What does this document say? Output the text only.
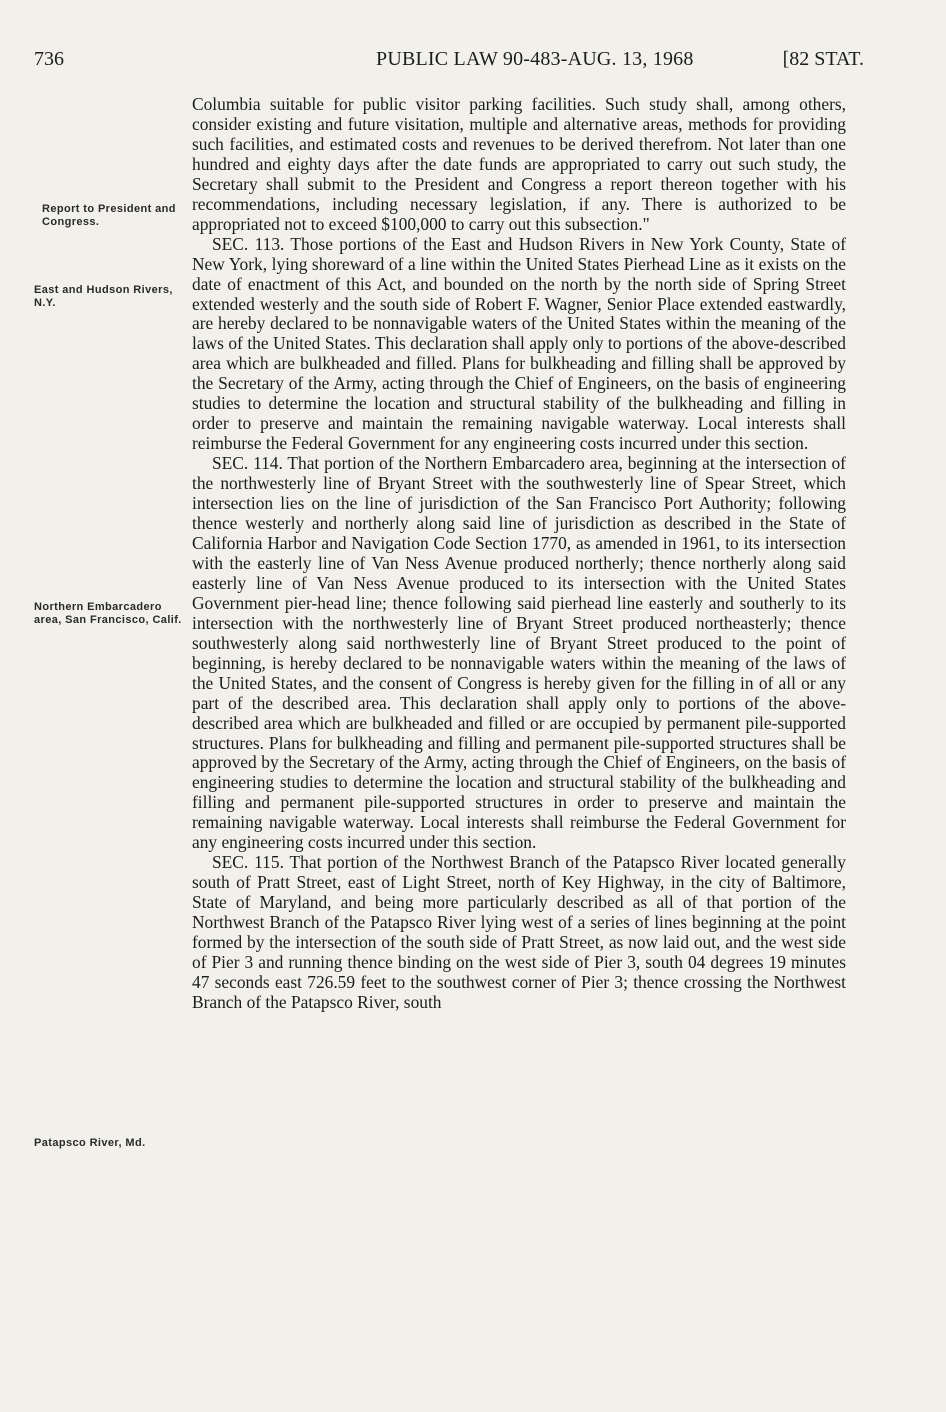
736	PUBLIC LAW 90-483-AUG. 13, 1968	[82 STAT.
Report to President and Congress.
East and Hudson Rivers, N.Y.
Northern Embarcadero area, San Francisco, Calif.
Patapsco River, Md.

Columbia suitable for public visitor parking facilities. Such study shall, among others, consider existing and future visitation, multiple and alternative areas, methods for providing such facilities, and estimated costs and revenues to be derived therefrom. Not later than one hundred and eighty days after the date funds are appropriated to carry out such study, the Secretary shall submit to the President and Congress a report thereon together with his recommendations, including necessary legislation, if any. There is authorized to be appropriated not to exceed $100,000 to carry out this subsection."

SEC. 113. Those portions of the East and Hudson Rivers in New York County, State of New York, lying shoreward of a line within the United States Pierhead Line as it exists on the date of enactment of this Act, and bounded on the north by the north side of Spring Street extended westerly and the south side of Robert F. Wagner, Senior Place extended eastwardly, are hereby declared to be nonnavigable waters of the United States within the meaning of the laws of the United States. This declaration shall apply only to portions of the above-described area which are bulkheaded and filled. Plans for bulkheading and filling shall be approved by the Secretary of the Army, acting through the Chief of Engineers, on the basis of engineering studies to determine the location and structural stability of the bulkheading and filling in order to preserve and maintain the remaining navigable waterway. Local interests shall reimburse the Federal Government for any engineering costs incurred under this section.

SEC. 114. That portion of the Northern Embarcadero area, beginning at the intersection of the northwesterly line of Bryant Street with the southwesterly line of Spear Street, which intersection lies on the line of jurisdiction of the San Francisco Port Authority; following thence westerly and northerly along said line of jurisdiction as described in the State of California Harbor and Navigation Code Section 1770, as amended in 1961, to its intersection with the easterly line of Van Ness Avenue produced northerly; thence northerly along said easterly line of Van Ness Avenue produced to its intersection with the United States Government pier-head line; thence following said pierhead line easterly and southerly to its intersection with the northwesterly line of Bryant Street produced northeasterly; thence southwesterly along said northwesterly line of Bryant Street produced to the point of beginning, is hereby declared to be nonnavigable waters within the meaning of the laws of the United States, and the consent of Congress is hereby given for the filling in of all or any part of the described area. This declaration shall apply only to portions of the above-described area which are bulkheaded and filled or are occupied by permanent pile-supported structures. Plans for bulkheading and filling and permanent pile-supported structures shall be approved by the Secretary of the Army, acting through the Chief of Engineers, on the basis of engineering studies to determine the location and structural stability of the bulkheading and filling and permanent pile-supported structures in order to preserve and maintain the remaining navigable waterway. Local interests shall reimburse the Federal Government for any engineering costs incurred under this section.

SEC. 115. That portion of the Northwest Branch of the Patapsco River located generally south of Pratt Street, east of Light Street, north of Key Highway, in the city of Baltimore, State of Maryland, and being more particularly described as all of that portion of the Northwest Branch of the Patapsco River lying west of a series of lines beginning at the point formed by the intersection of the south side of Pratt Street, as now laid out, and the west side of Pier 3 and running thence binding on the west side of Pier 3, south 04 degrees 19 minutes 47 seconds east 726.59 feet to the southwest corner of Pier 3; thence crossing the Northwest Branch of the Patapsco River, south
